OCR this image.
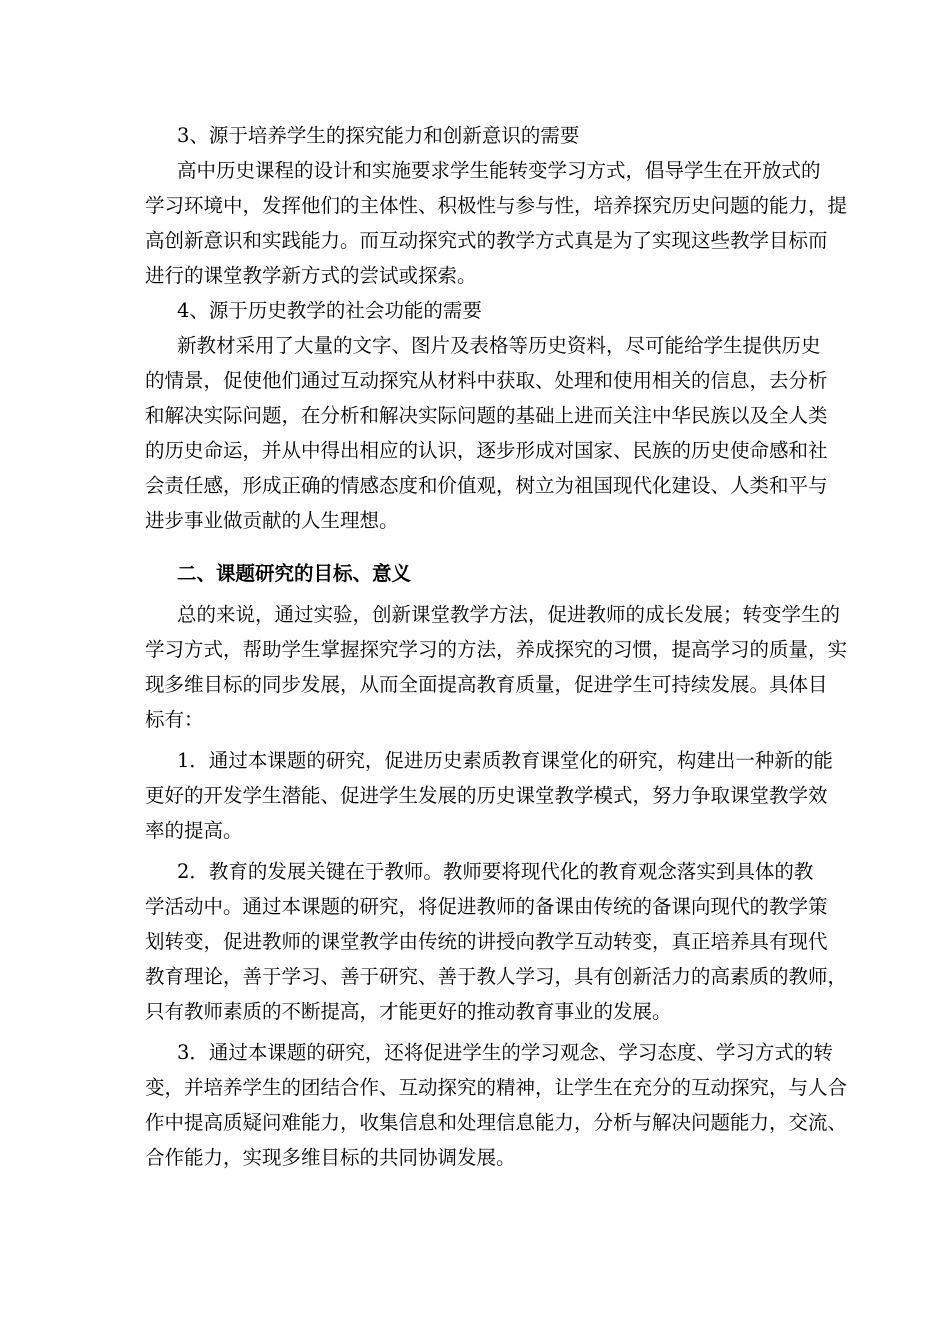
3、源于培养学生的探究能力和创新意识的需要
高中历史课程的设计和实施要求学生能转变学习方式，倡导学生在开放式的
学习环境中，发挥他们的主体性、积极性与参与性，培养探究历史问题的能力，提
高创新意识和实践能力。而互动探究式的教学方式真是为了实现这些教学目标而
进行的课堂教学新方式的尝试或探索。
4、源于历史教学的社会功能的需要
新教材采用了大量的文字、图片及表格等历史资料，尽可能给学生提供历史
的情景，促使他们通过互动探究从材料中获取、处理和使用相关的信息，去分析
和解决实际问题，在分析和解决实际问题的基础上进而关注中华民族以及全人类
的历史命运，并从中得出相应的认识，逐步形成对国家、民族的历史使命感和社
会责任感，形成正确的情感态度和价值观，树立为祖国现代化建设、人类和平与
进步事业做贡献的人生理想。
二、课题研究的目标、意义
总的来说，通过实验，创新课堂教学方法，促进教师的成长发展；转变学生的
学习方式，帮助学生掌握探究学习的方法，养成探究的习惯，提高学习的质量，实
现多维目标的同步发展，从而全面提高教育质量，促进学生可持续发展。具体目
标有：
1．通过本课题的研究，促进历史素质教育课堂化的研究，构建出一种新的能
更好的开发学生潜能、促进学生发展的历史课堂教学模式，努力争取课堂教学效
率的提高。
2．教育的发展关键在于教师。教师要将现代化的教育观念落实到具体的教
学活动中。通过本课题的研究，将促进教师的备课由传统的备课向现代的教学策
划转变，促进教师的课堂教学由传统的讲授向教学互动转变，真正培养具有现代
教育理论，善于学习、善于研究、善于教人学习，具有创新活力的高素质的教师，
只有教师素质的不断提高，才能更好的推动教育事业的发展。
3．通过本课题的研究，还将促进学生的学习观念、学习态度、学习方式的转
变，并培养学生的团结合作、互动探究的精神，让学生在充分的互动探究，与人合
作中提高质疑问难能力，收集信息和处理信息能力，分析与解决问题能力，交流、
合作能力，实现多维目标的共同协调发展。
